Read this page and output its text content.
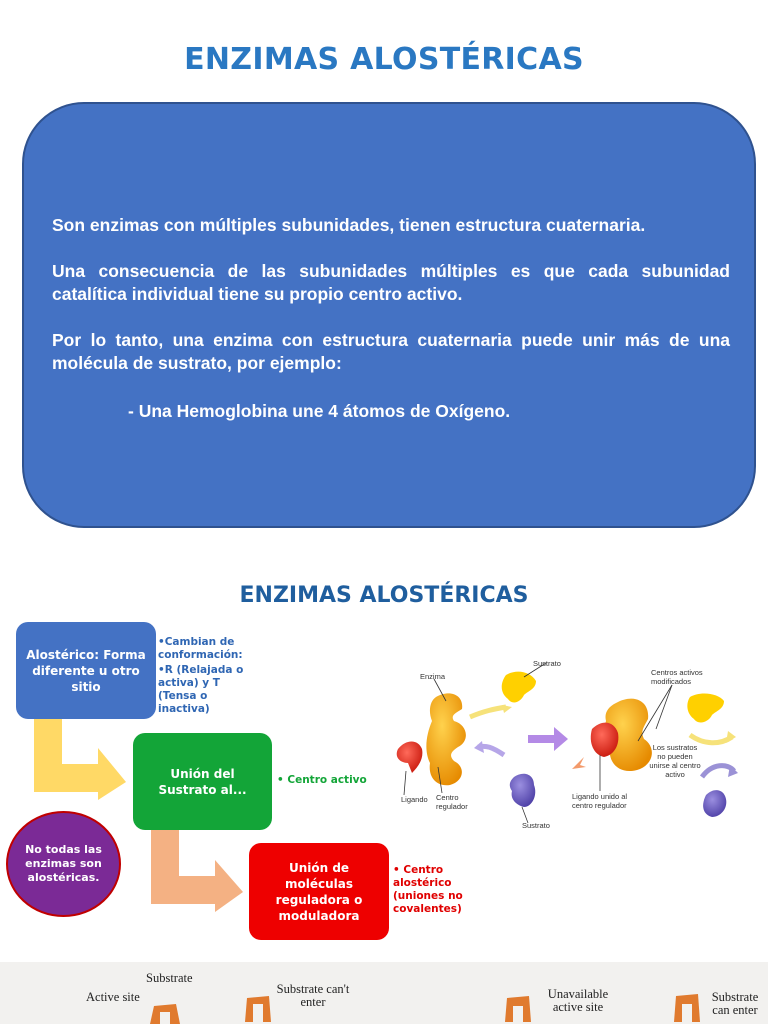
ENZIMAS ALOSTÉRICAS

Son enzimas con múltiples subunidades, tienen estructura cuaternaria.

Una consecuencia de las subunidades múltiples es que cada subunidad catalítica individual tiene su propio centro activo.

Por lo tanto, una enzima con estructura cuaternaria puede unir más de una molécula de sustrato, por ejemplo:

- Una Hemoglobina une 4 átomos de Oxígeno.

ENZIMAS ALOSTÉRICAS
Alostérico: Forma diferente u otro sitio
•Cambian de conformación:
•R (Relajada o activa) y T (Tensa o inactiva)
Unión del Sustrato al...
• Centro activo
Unión de moléculas reguladora o moduladora
• Centro alostérico (uniones no covalentes)
No todas las enzimas son alostéricas.
Enzima
Sustrato
Ligando Centro regulador
Sustrato
Ligando unido al centro regulador
Centros activos modificados
Los sustratos no pueden unirse al centro activo
Substrate
Active site
Substrate can't enter
Unavailable active site
Substrate can enter
